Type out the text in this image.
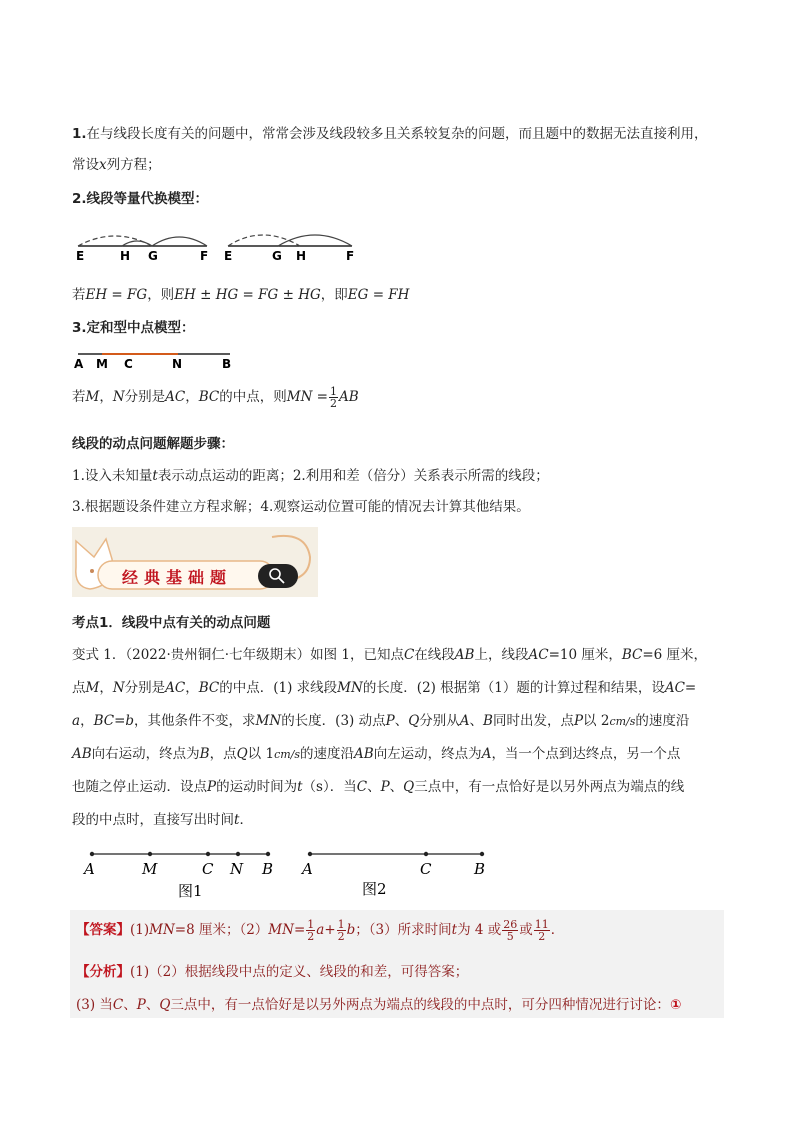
1.在与线段长度有关的问题中，常常会涉及线段较多且关系较复杂的问题，而且题中的数据无法直接利用，
常设x列方程；
2.线段等量代换模型：
E	H G	F E	G H	F
若EH = FG，则EH ± HG = FG ± HG，即EG = FH
3.定和型中点模型：
A M C	N	B
若M，N分别是AC，BC的中点，则MN = $\frac{1}{2}$ AB
线段的动点问题解题步骤：
1.设入未知量t表示动点运动的距离；2.利用和差（倍分）关系表示所需的线段；
3.根据题设条件建立方程求解；4.观察运动位置可能的情况去计算其他结果。
经典基础题
考点1．线段中点有关的动点问题
变式 1．（2022·贵州铜仁·七年级期末）如图 1，已知点C在线段AB上，线段AC=10 厘米，BC=6 厘米，
点M，N分别是AC，BC的中点．(1) 求线段MN的长度．(2) 根据第（1）题的计算过程和结果，设AC=
a，BC=b，其他条件不变，求MN的长度．(3) 动点P、Q分别从A、B同时出发，点P以 2cm/s的速度沿
AB向右运动，终点为B，点Q以 1cm/s的速度沿AB向左运动，终点为A，当一个点到达终点，另一个点
也随之停止运动．设点P的运动时间为t（s）．当C、P、Q三点中，有一点恰好是以另外两点为端点的线
段的中点时，直接写出时间t．
A	M	C N B
图1
A	C	B
图2
【答案】(1)MN=8 厘米；$(2)MN= \frac{1}{2} a+ \frac{1}{2}$ b；（3）所求时间t为 4 或 $\frac{26}{5}$ 或 $\frac{11}{2}$ ．
【分析】(1)（2）根据线段中点的定义、线段的和差，可得答案；
(3) 当C、P、Q三点中，有一点恰好是以另外两点为端点的线段的中点时，可分四种情况进行讨论：①
